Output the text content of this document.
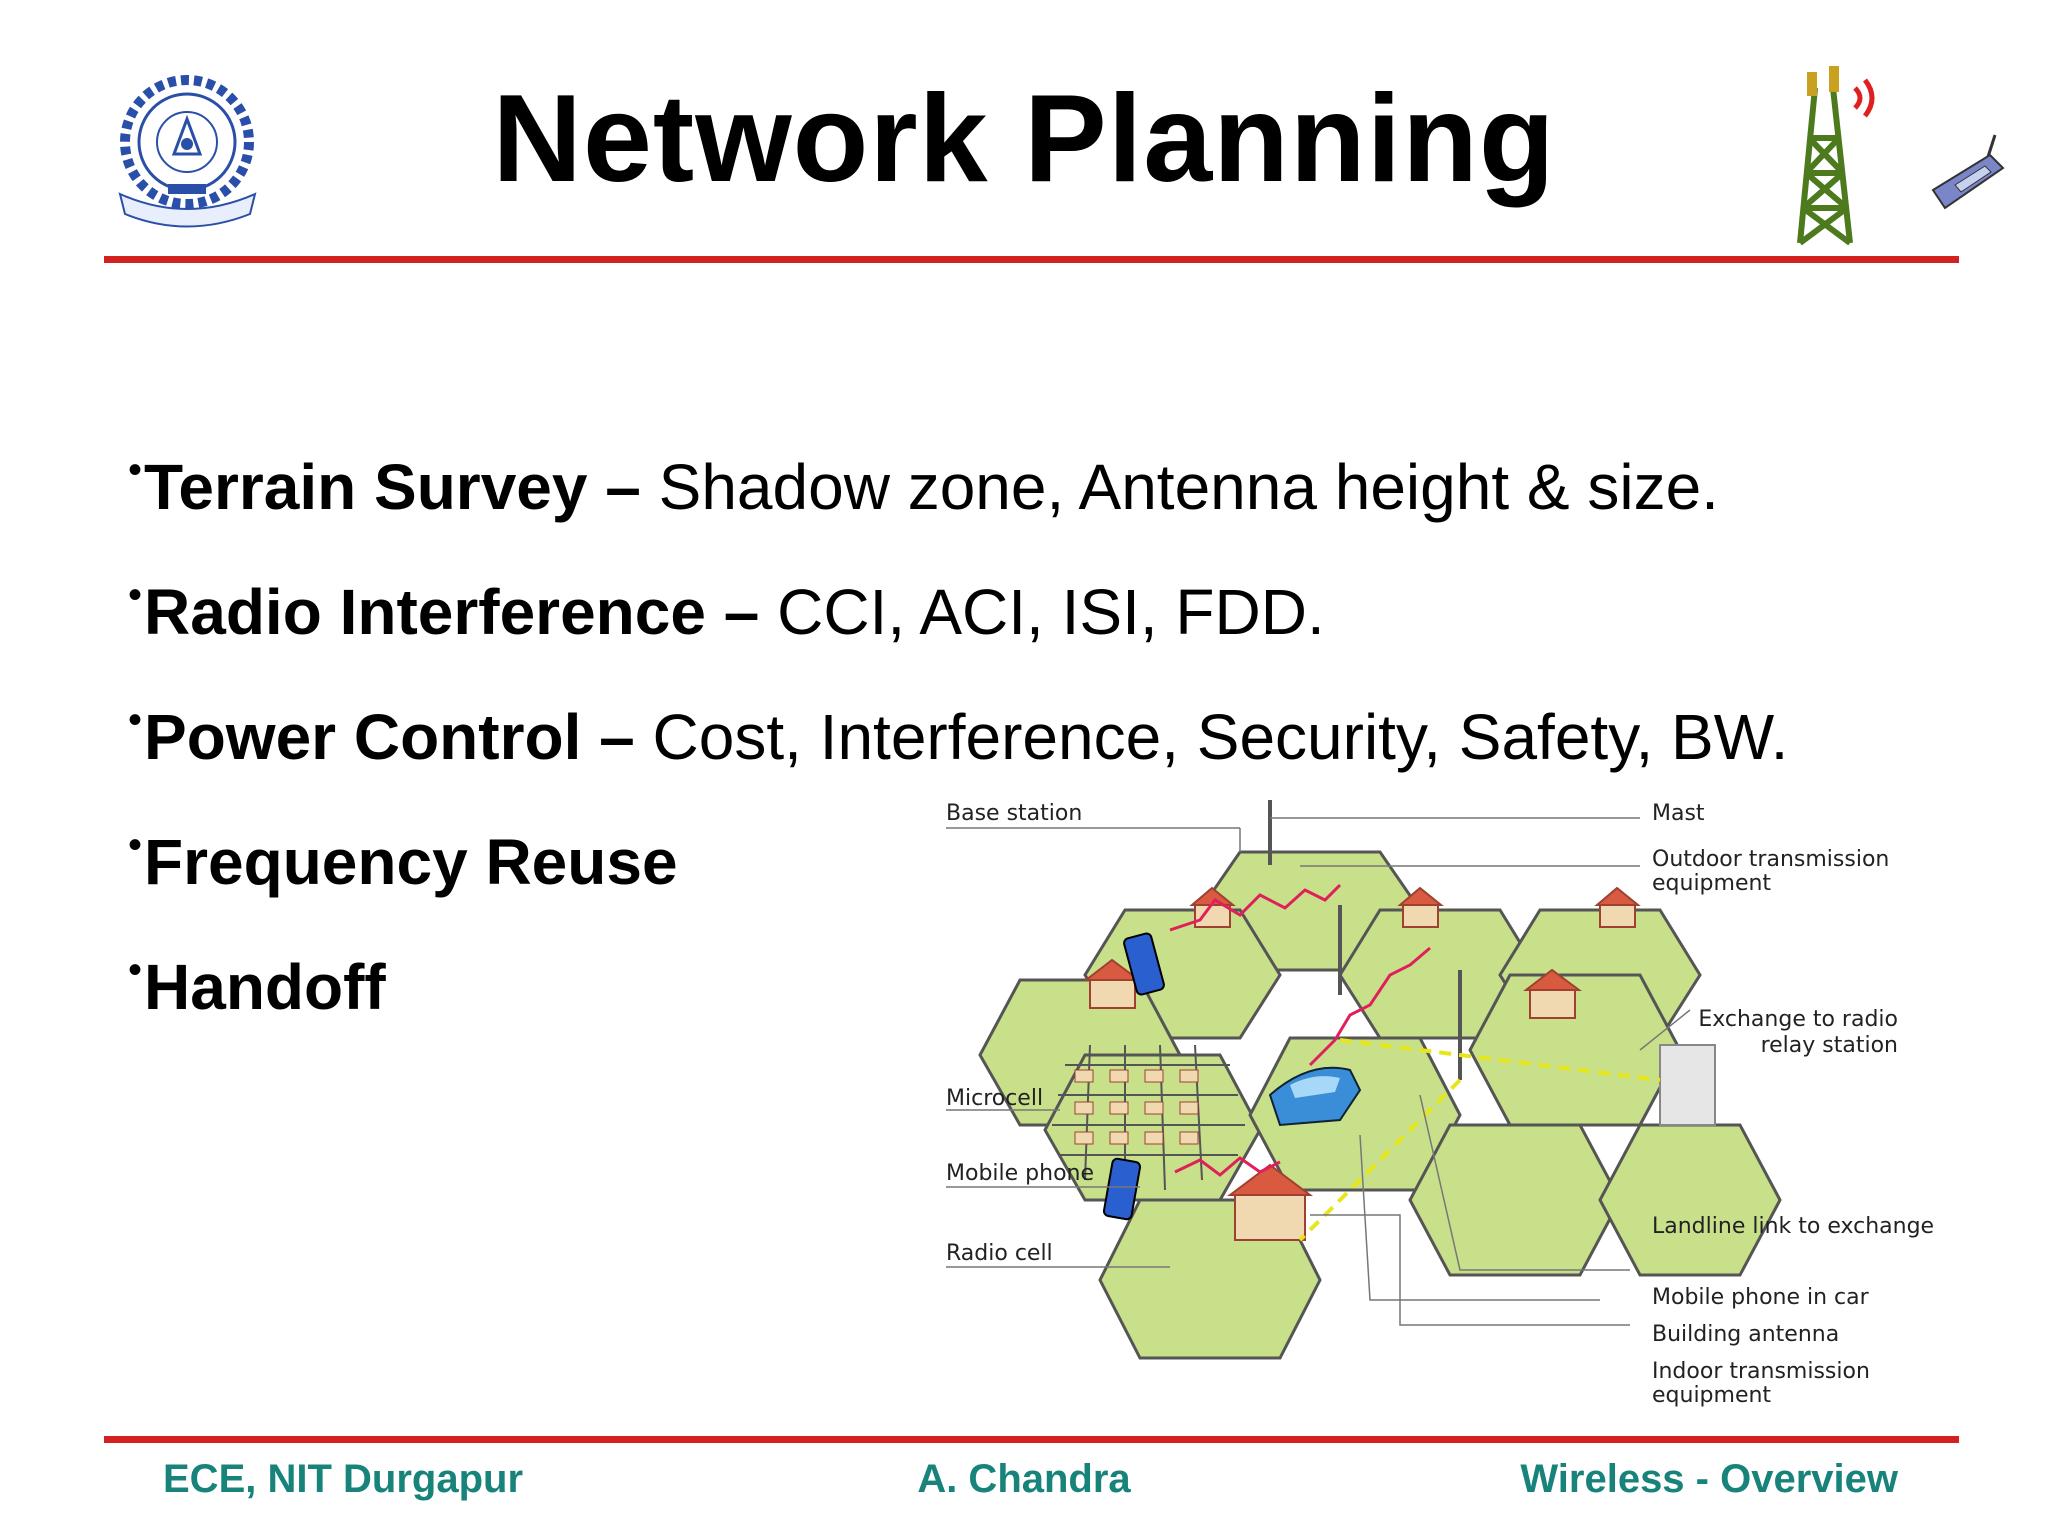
Network Planning
•Terrain Survey – Shadow zone, Antenna height & size.
•Radio Interference – CCI, ACI, ISI, FDD.
•Power Control – Cost, Interference, Security, Safety, BW.
•Frequency Reuse
•Handoff
Base station	Mast
Outdoor transmission
equipment
Exchange to radio
relay station
Microcell
Mobile phone
Radio cell
Landline link to exchange
Mobile phone in car
Building antenna
Indoor transmission
equipment
ECE, NIT Durgapur	A. Chandra	Wireless - Overview
